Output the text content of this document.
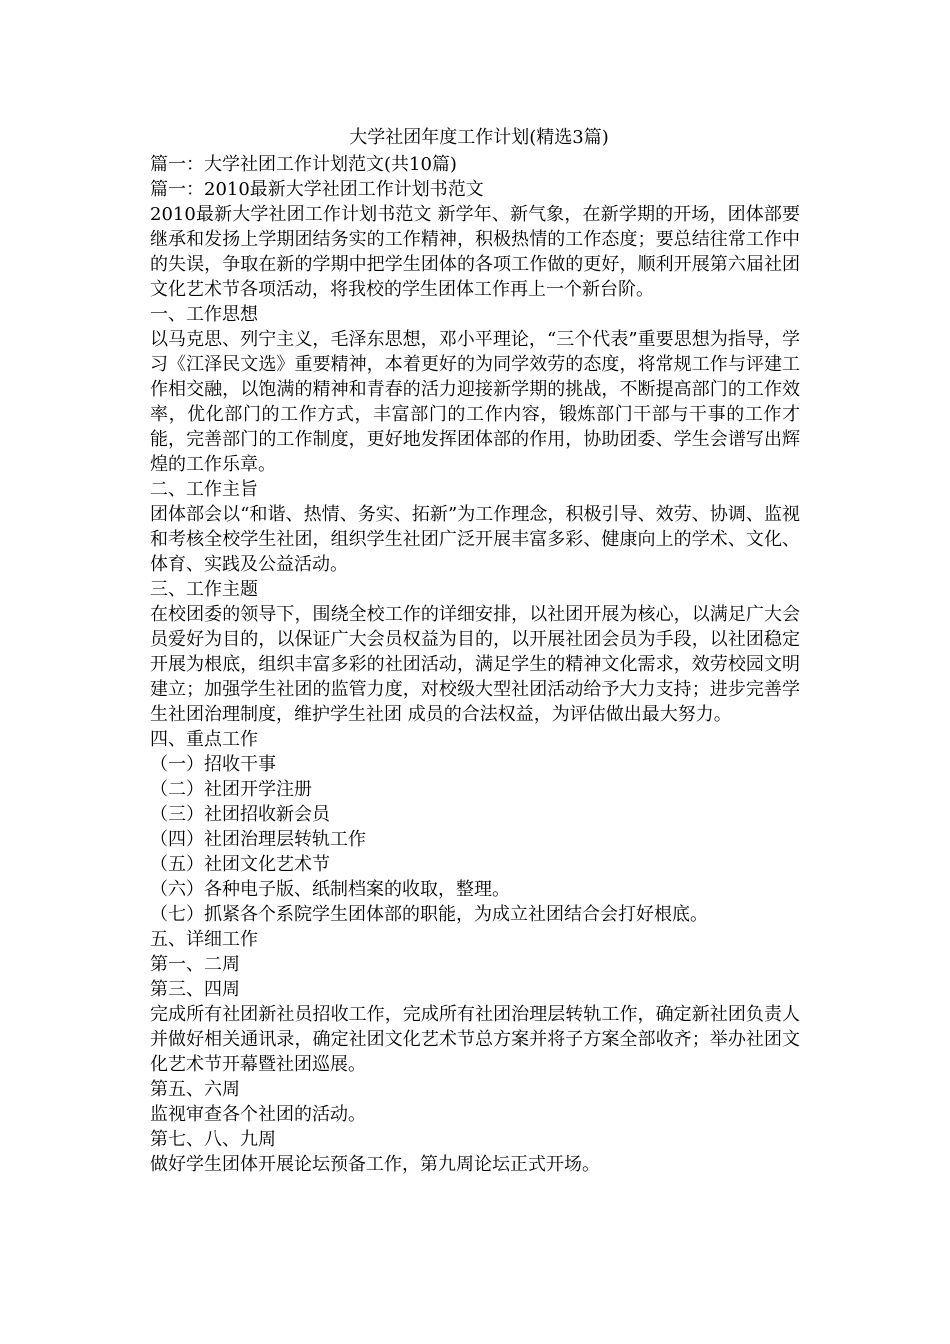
大学社团年度工作计划(精选3篇)
篇一：大学社团工作计划范文(共10篇)
篇一：2010最新大学社团工作计划书范文
2010最新大学社团工作计划书范文 新学年、新气象，在新学期的开场，团体部要继承和发扬上学期团结务实的工作精神，积极热情的工作态度；要总结往常工作中的失误，争取在新的学期中把学生团体的各项工作做的更好，顺利开展第六届社团文化艺术节各项活动，将我校的学生团体工作再上一个新台阶。
一、工作思想
以马克思、列宁主义，毛泽东思想，邓小平理论，“三个代表”重要思想为指导，学习《江泽民文选》重要精神，本着更好的为同学效劳的态度，将常规工作与评建工作相交融，以饱满的精神和青春的活力迎接新学期的挑战，不断提高部门的工作效率，优化部门的工作方式，丰富部门的工作内容，锻炼部门干部与干事的工作才能，完善部门的工作制度，更好地发挥团体部的作用，协助团委、学生会谱写出辉煌的工作乐章。
二、工作主旨
团体部会以“和谐、热情、务实、拓新”为工作理念，积极引导、效劳、协调、监视和考核全校学生社团，组织学生社团广泛开展丰富多彩、健康向上的学术、文化、体育、实践及公益活动。
三、工作主题
在校团委的领导下，围绕全校工作的详细安排，以社团开展为核心，以满足广大会员爱好为目的，以保证广大会员权益为目的，以开展社团会员为手段，以社团稳定开展为根底，组织丰富多彩的社团活动，满足学生的精神文化需求，效劳校园文明建立；加强学生社团的监管力度，对校级大型社团活动给予大力支持；进步完善学生社团治理制度，维护学生社团 成员的合法权益，为评估做出最大努力。
四、重点工作
（一）招收干事
（二）社团开学注册
（三）社团招收新会员
（四）社团治理层转轨工作
（五）社团文化艺术节
（六）各种电子版、纸制档案的收取，整理。
（七）抓紧各个系院学生团体部的职能，为成立社团结合会打好根底。
五、详细工作
第一、二周
第三、四周
完成所有社团新社员招收工作，完成所有社团治理层转轨工作，确定新社团负责人并做好相关通讯录，确定社团文化艺术节总方案并将子方案全部收齐；举办社团文化艺术节开幕暨社团巡展。
第五、六周
监视审查各个社团的活动。
第七、八、九周
做好学生团体开展论坛预备工作，第九周论坛正式开场。
